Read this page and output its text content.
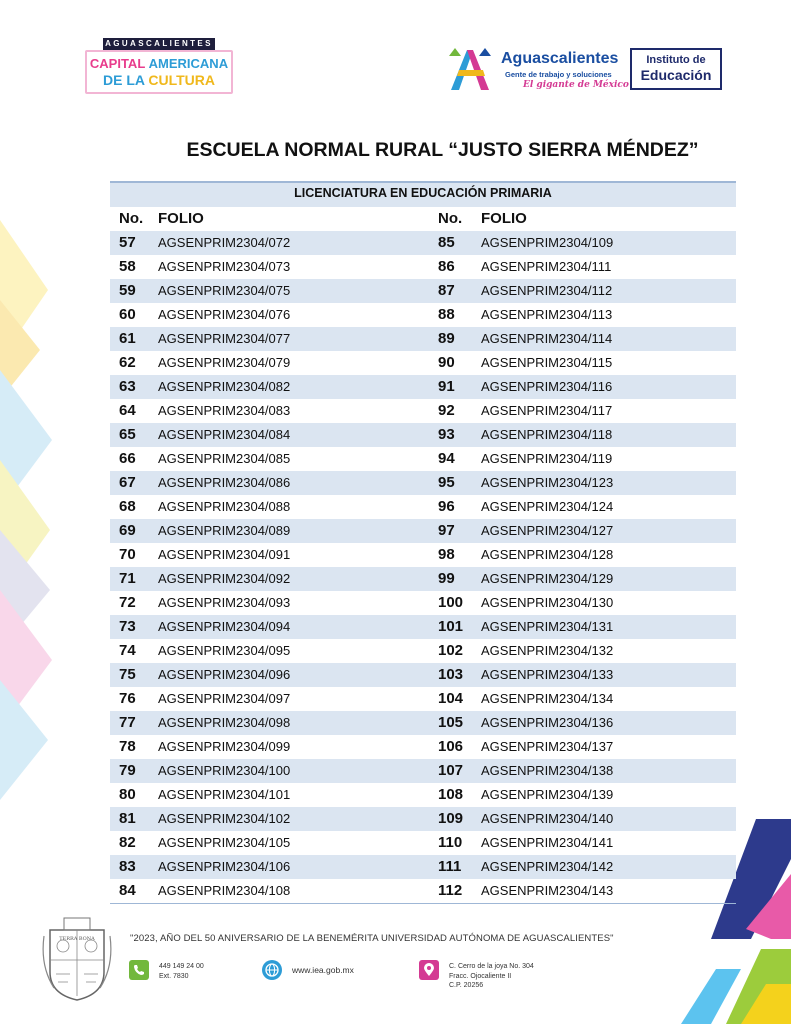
AGUASCALIENTES
CAPITAL AMERICANA
DE LA CULTURA
Aguascalientes
Gente de trabajo y soluciones
El gigante de México
Instituto de
Educación
ESCUELA NORMAL RURAL “JUSTO SIERRA MÉNDEZ”
LICENCIATURA EN EDUCACIÓN PRIMARIA
No. FOLIO	No.	FOLIO
57	AGSENPRIM2304/072	85	AGSENPRIM2304/109
58	AGSENPRIM2304/073	86	AGSENPRIM2304/111
59	AGSENPRIM2304/075	87	AGSENPRIM2304/112
60	AGSENPRIM2304/076	88	AGSENPRIM2304/113
61	AGSENPRIM2304/077	89	AGSENPRIM2304/114
62	AGSENPRIM2304/079	90	AGSENPRIM2304/115
63	AGSENPRIM2304/082	91	AGSENPRIM2304/116
64	AGSENPRIM2304/083	92	AGSENPRIM2304/117
65	AGSENPRIM2304/084	93	AGSENPRIM2304/118
66	AGSENPRIM2304/085	94	AGSENPRIM2304/119
67	AGSENPRIM2304/086	95	AGSENPRIM2304/123
68	AGSENPRIM2304/088	96	AGSENPRIM2304/124
69	AGSENPRIM2304/089	97	AGSENPRIM2304/127
70	AGSENPRIM2304/091	98	AGSENPRIM2304/128
71	AGSENPRIM2304/092	99	AGSENPRIM2304/129
72	AGSENPRIM2304/093	100	AGSENPRIM2304/130
73	AGSENPRIM2304/094	101	AGSENPRIM2304/131
74	AGSENPRIM2304/095	102	AGSENPRIM2304/132
75	AGSENPRIM2304/096	103	AGSENPRIM2304/133
76	AGSENPRIM2304/097	104	AGSENPRIM2304/134
77	AGSENPRIM2304/098	105	AGSENPRIM2304/136
78	AGSENPRIM2304/099	106	AGSENPRIM2304/137
79	AGSENPRIM2304/100	107	AGSENPRIM2304/138
80	AGSENPRIM2304/101	108	AGSENPRIM2304/139
81	AGSENPRIM2304/102	109	AGSENPRIM2304/140
82	AGSENPRIM2304/105	110	AGSENPRIM2304/141
83	AGSENPRIM2304/106	111	AGSENPRIM2304/142
84	AGSENPRIM2304/108	112	AGSENPRIM2304/143
TERRA BONA	"2023, AÑO DEL 50 ANIVERSARIO DE LA BENEMÉRITA UNIVERSIDAD AUTÓNOMA DE AGUASCALIENTES"
449 149 24 00
Ext. 7830
www.iea.gob.mx	C. Cerro de la joya No. 304
Fracc. Ojocaliente II
C.P. 20256
